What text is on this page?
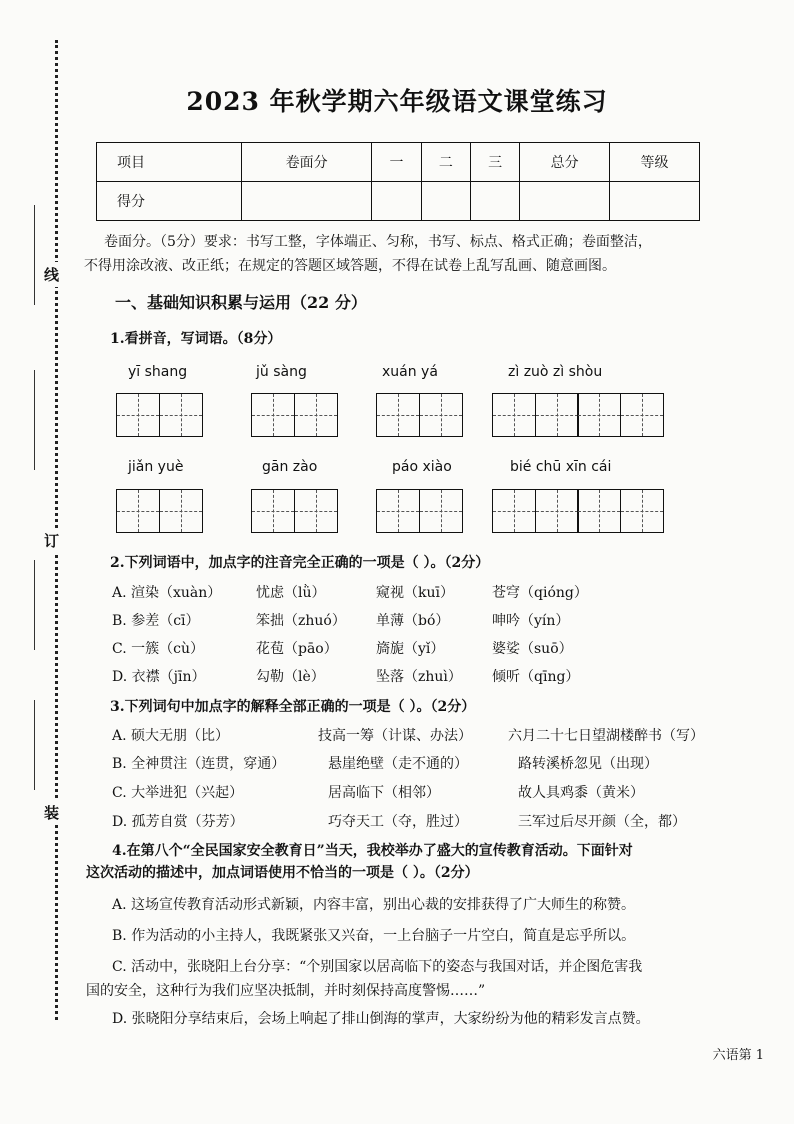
线
订
装
2023 年秋学期六年级语文课堂练习
项目	卷面分	一	二	三	总分	等级
得分						
卷面分。（5分）要求：书写工整，字体端正、匀称，书写、标点、格式正确；卷面整洁，
不得用涂改液、改正纸；在规定的答题区域答题，不得在试卷上乱写乱画、随意画图。
一、基础知识积累与运用（22 分）
1.看拼音，写词语。（8分）
yī shang	jǔ sàng	xuán yá	zì zuò zì shòu
jiǎn yuè	gān zào	páo xiào	bié chū xīn cái
2.下列词语中，加点字的注音完全正确的一项是（ ）。（2分）
A. 渲染（xuàn） 忧虑（lǜ）	窥视（kuī）	苍穹（qióng）
B. 参差（cī）	笨拙（zhuó） 单薄（bó）	呻吟（yín）
C. 一簇（cù）	花苞（pāo）	旖旎（yǐ）	婆娑（suō）
D. 衣襟（jīn）	勾勒（lè）	坠落（zhuì） 倾听（qīng）
3.下列词句中加点字的解释全部正确的一项是（ ）。（2分）
A. 硕大无朋（比）	技高一筹（计谋、办法）	六月二十七日望湖楼醉书（写）
B. 全神贯注（连贯，穿通）	悬崖绝壁（走不通的）	路转溪桥忽见（出现）
C. 大举进犯（兴起）	居高临下（相邻）	故人具鸡黍（黄米）
D. 孤芳自赏（芬芳）	巧夺天工（夺，胜过）	三军过后尽开颜（全，都）
4.在第八个“全民国家安全教育日”当天，我校举办了盛大的宣传教育活动。下面针对
这次活动的描述中，加点词语使用不恰当的一项是（ ）。（2分）
A. 这场宣传教育活动形式新颖，内容丰富，别出心裁的安排获得了广大师生的称赞。
B. 作为活动的小主持人，我既紧张又兴奋，一上台脑子一片空白，简直是忘乎所以。
C. 活动中，张晓阳上台分享：“个别国家以居高临下的姿态与我国对话，并企图危害我
国的安全，这种行为我们应坚决抵制，并时刻保持高度警惕……”
D. 张晓阳分享结束后，会场上响起了排山倒海的掌声，大家纷纷为他的精彩发言点赞。
六语第 1
